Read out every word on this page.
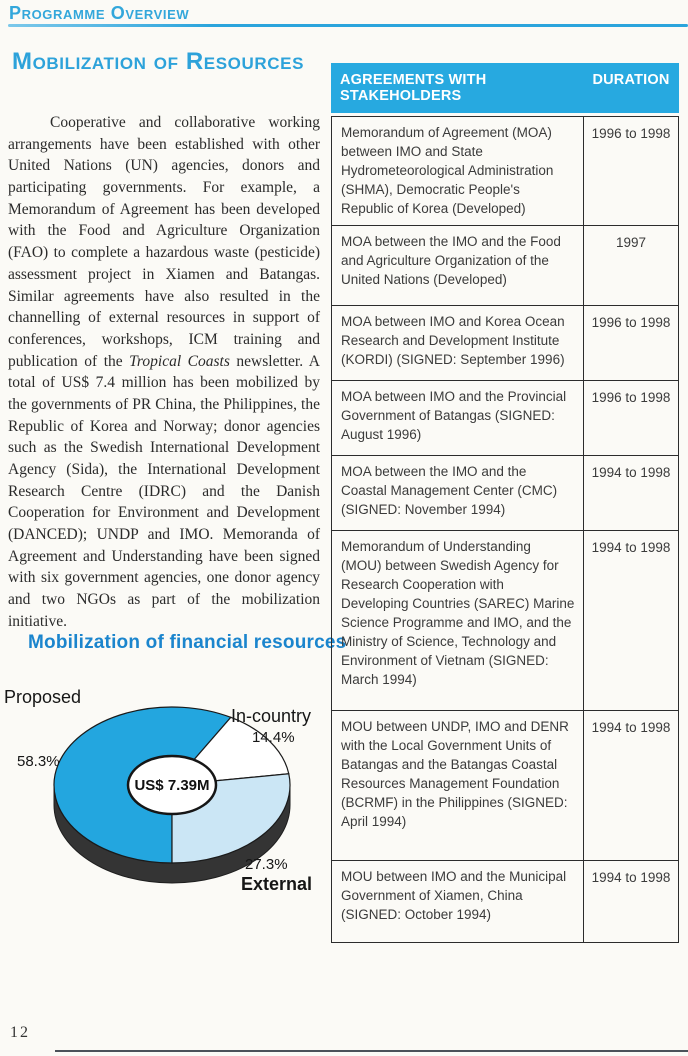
Programme Overview
Mobilization of Resources

Cooperative and collaborative working arrangements have been established with other United Nations (UN) agencies, donors and participating governments. For example, a Memorandum of Agreement has been developed with the Food and Agriculture Organization (FAO) to complete a hazardous waste (pesticide) assessment project in Xiamen and Batangas. Similar agreements have also resulted in the channelling of external resources in support of conferences, workshops, ICM training and publication of the Tropical Coasts newsletter. A total of US$ 7.4 million has been mobilized by the governments of PR China, the Philippines, the Republic of Korea and Norway; donor agencies such as the Swedish International Development Agency (Sida), the International Development Research Centre (IDRC) and the Danish Cooperation for Environment and Development (DANCED); UNDP and IMO. Memoranda of Agreement and Understanding have been signed with six government agencies, one donor agency and two NGOs as part of the mobilization initiative.

Mobilization of financial resources
US$ 7.39M
Proposed
58.3%
In-country
14.4%
27.3%
External
AGREEMENTS WITH STAKEHOLDERS
DURATION
Memorandum of Agreement (MOA) between IMO and State Hydrometeorological Administration (SHMA), Democratic People's Republic of Korea (Developed)	1996 to 1998
MOA between the IMO and the Food and Agriculture Organization of the United Nations (Developed)	1997
MOA between IMO and Korea Ocean Research and Development Institute (KORDI) (SIGNED: September 1996)	1996 to 1998
MOA between IMO and the Provincial Government of Batangas (SIGNED: August 1996)	1996 to 1998
MOA between the IMO and the Coastal Management Center (CMC) (SIGNED: November 1994)	1994 to 1998
Memorandum of Understanding (MOU) between Swedish Agency for Research Cooperation with Developing Countries (SAREC) Marine Science Programme and IMO, and the Ministry of Science, Technology and Environment of Vietnam (SIGNED: March 1994)	1994 to 1998
MOU between UNDP, IMO and DENR with the Local Government Units of Batangas and the Batangas Coastal Resources Management Foundation (BCRMF) in the Philippines (SIGNED: April 1994)	1994 to 1998
MOU between IMO and the Municipal Government of Xiamen, China (SIGNED: October 1994)	1994 to 1998
12
